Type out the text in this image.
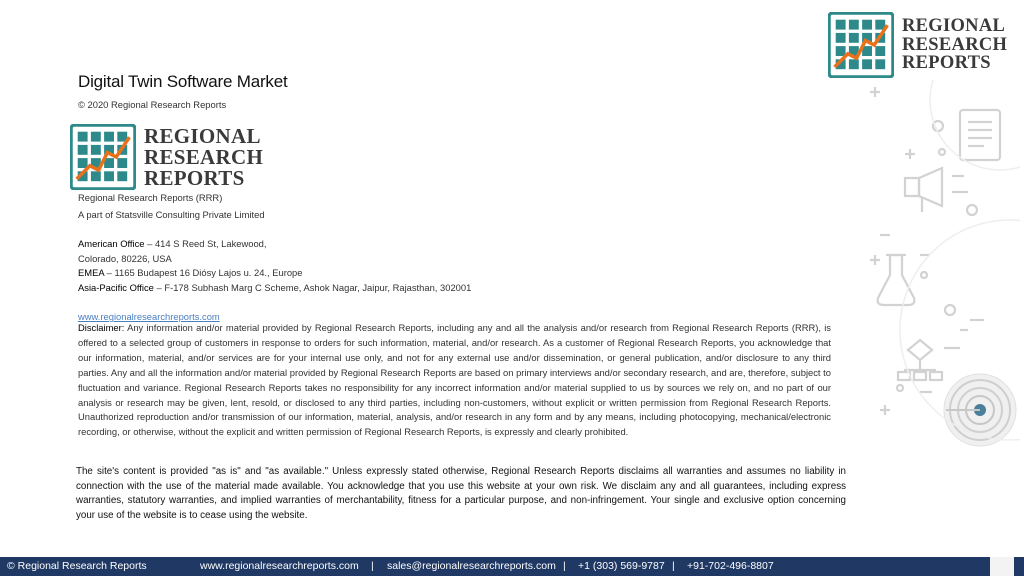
REGIONAL
RESEARCH
REPORTS
Digital Twin Software Market
© 2020 Regional Research Reports
Regional Research Reports (RRR)
REGIONAL
RESEARCH
REPORTS
A part of Statsville Consulting Private Limited
American Office – 414 S Reed St, Lakewood,
Colorado, 80226, USA
EMEA – 1165 Budapest 16 Diósy Lajos u. 24., Europe
Asia-Pacific Office – F-178 Subhash Marg C Scheme, Ashok Nagar, Jaipur, Rajasthan, 302001
www.regionalresearchreports.com
Disclaimer: Any information and/or material provided by Regional Research Reports, including any and all the analysis and/or research from Regional Research Reports (RRR), is offered to a selected group of customers in response to orders for such information, material, and/or research. As a customer of Regional Research Reports, you acknowledge that our information, material, and/or services are for your internal use only, and not for any external use and/or dissemination, or general publication, and/or disclosure to any third parties. Any and all the information and/or material provided by Regional Research Reports are based on primary interviews and/or secondary research, and are, therefore, subject to fluctuation and variance. Regional Research Reports takes no responsibility for any incorrect information and/or material supplied to us by sources we rely on, and no part of our analysis or research may be given, lent, resold, or disclosed to any third parties, including non-customers, without explicit or written permission from Regional Research Reports. Unauthorized reproduction and/or transmission of our information, material, analysis, and/or research in any form and by any means, including photocopying, mechanical/electronic recording, or otherwise, without the explicit and written permission of Regional Research Reports, is expressly and clearly prohibited.
The site's content is provided "as is" and "as available." Unless expressly stated otherwise, Regional Research Reports disclaims all warranties and assumes no liability in connection with the use of the material made available. You acknowledge that you use this website at your own risk. We disclaim any and all guarantees, including express warranties, statutory warranties, and implied warranties of merchantability, fitness for a particular purpose, and non-infringement. Your single and exclusive option concerning your use of the website is to cease using the website.
© Regional Research Reports	www.regionalresearchreports.com | sales@regionalresearchreports.com | +1 (303) 569-9787 | +91-702-496-8807
